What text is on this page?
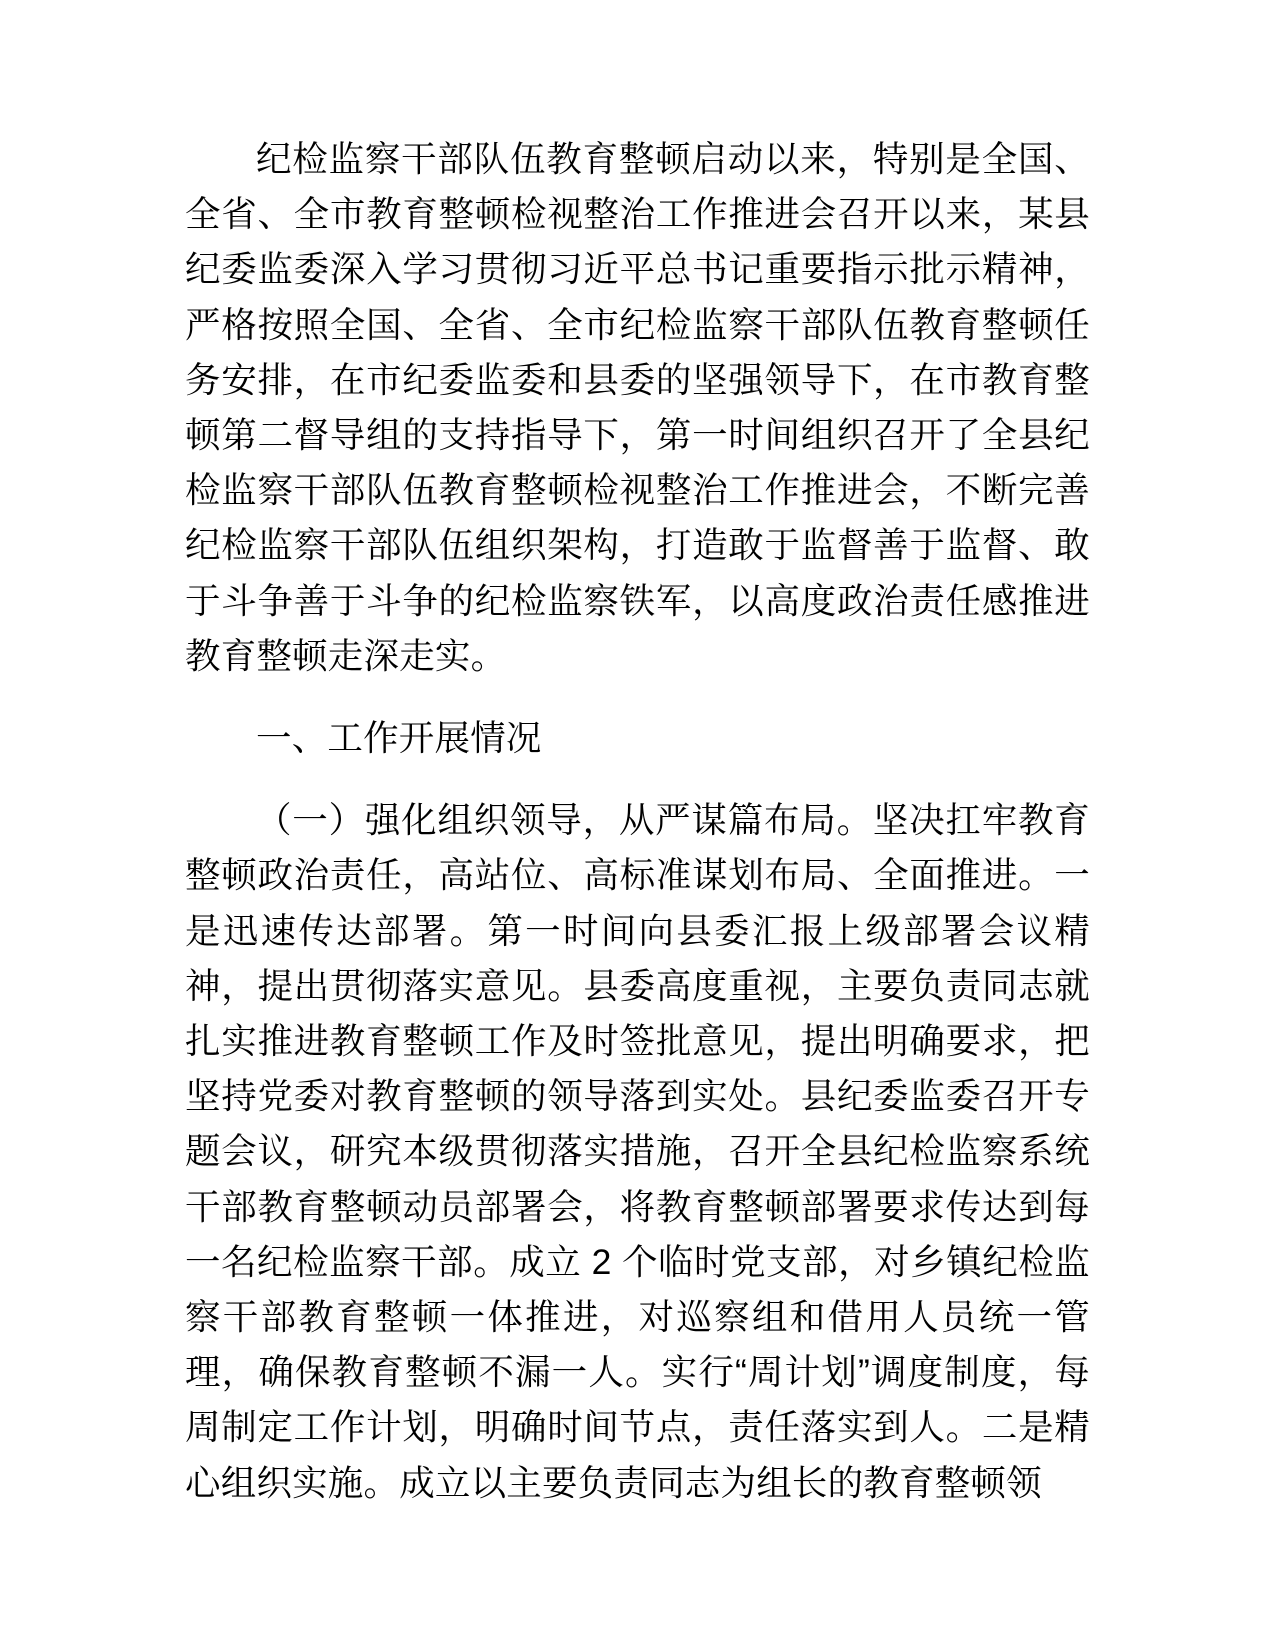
纪检监察干部队伍教育整顿启动以来，特别是全国、全省、全市教育整顿检视整治工作推进会召开以来，某县纪委监委深入学习贯彻习近平总书记重要指示批示精神，严格按照全国、全省、全市纪检监察干部队伍教育整顿任务安排，在市纪委监委和县委的坚强领导下，在市教育整顿第二督导组的支持指导下，第一时间组织召开了全县纪检监察干部队伍教育整顿检视整治工作推进会，不断完善纪检监察干部队伍组织架构，打造敢于监督善于监督、敢于斗争善于斗争的纪检监察铁军，以高度政治责任感推进教育整顿走深走实。

一、工作开展情况

（一）强化组织领导，从严谋篇布局。坚决扛牢教育整顿政治责任，高站位、高标准谋划布局、全面推进。一是迅速传达部署。第一时间向县委汇报上级部署会议精神，提出贯彻落实意见。县委高度重视，主要负责同志就扎实推进教育整顿工作及时签批意见，提出明确要求，把坚持党委对教育整顿的领导落到实处。县纪委监委召开专题会议，研究本级贯彻落实措施，召开全县纪检监察系统干部教育整顿动员部署会，将教育整顿部署要求传达到每一名纪检监察干部。成立 2 个临时党支部，对乡镇纪检监察干部教育整顿一体推进，对巡察组和借用人员统一管理，确保教育整顿不漏一人。实行“周计划”调度制度，每周制定工作计划，明确时间节点，责任落实到人。二是精心组织实施。成立以主要负责同志为组长的教育整顿领
